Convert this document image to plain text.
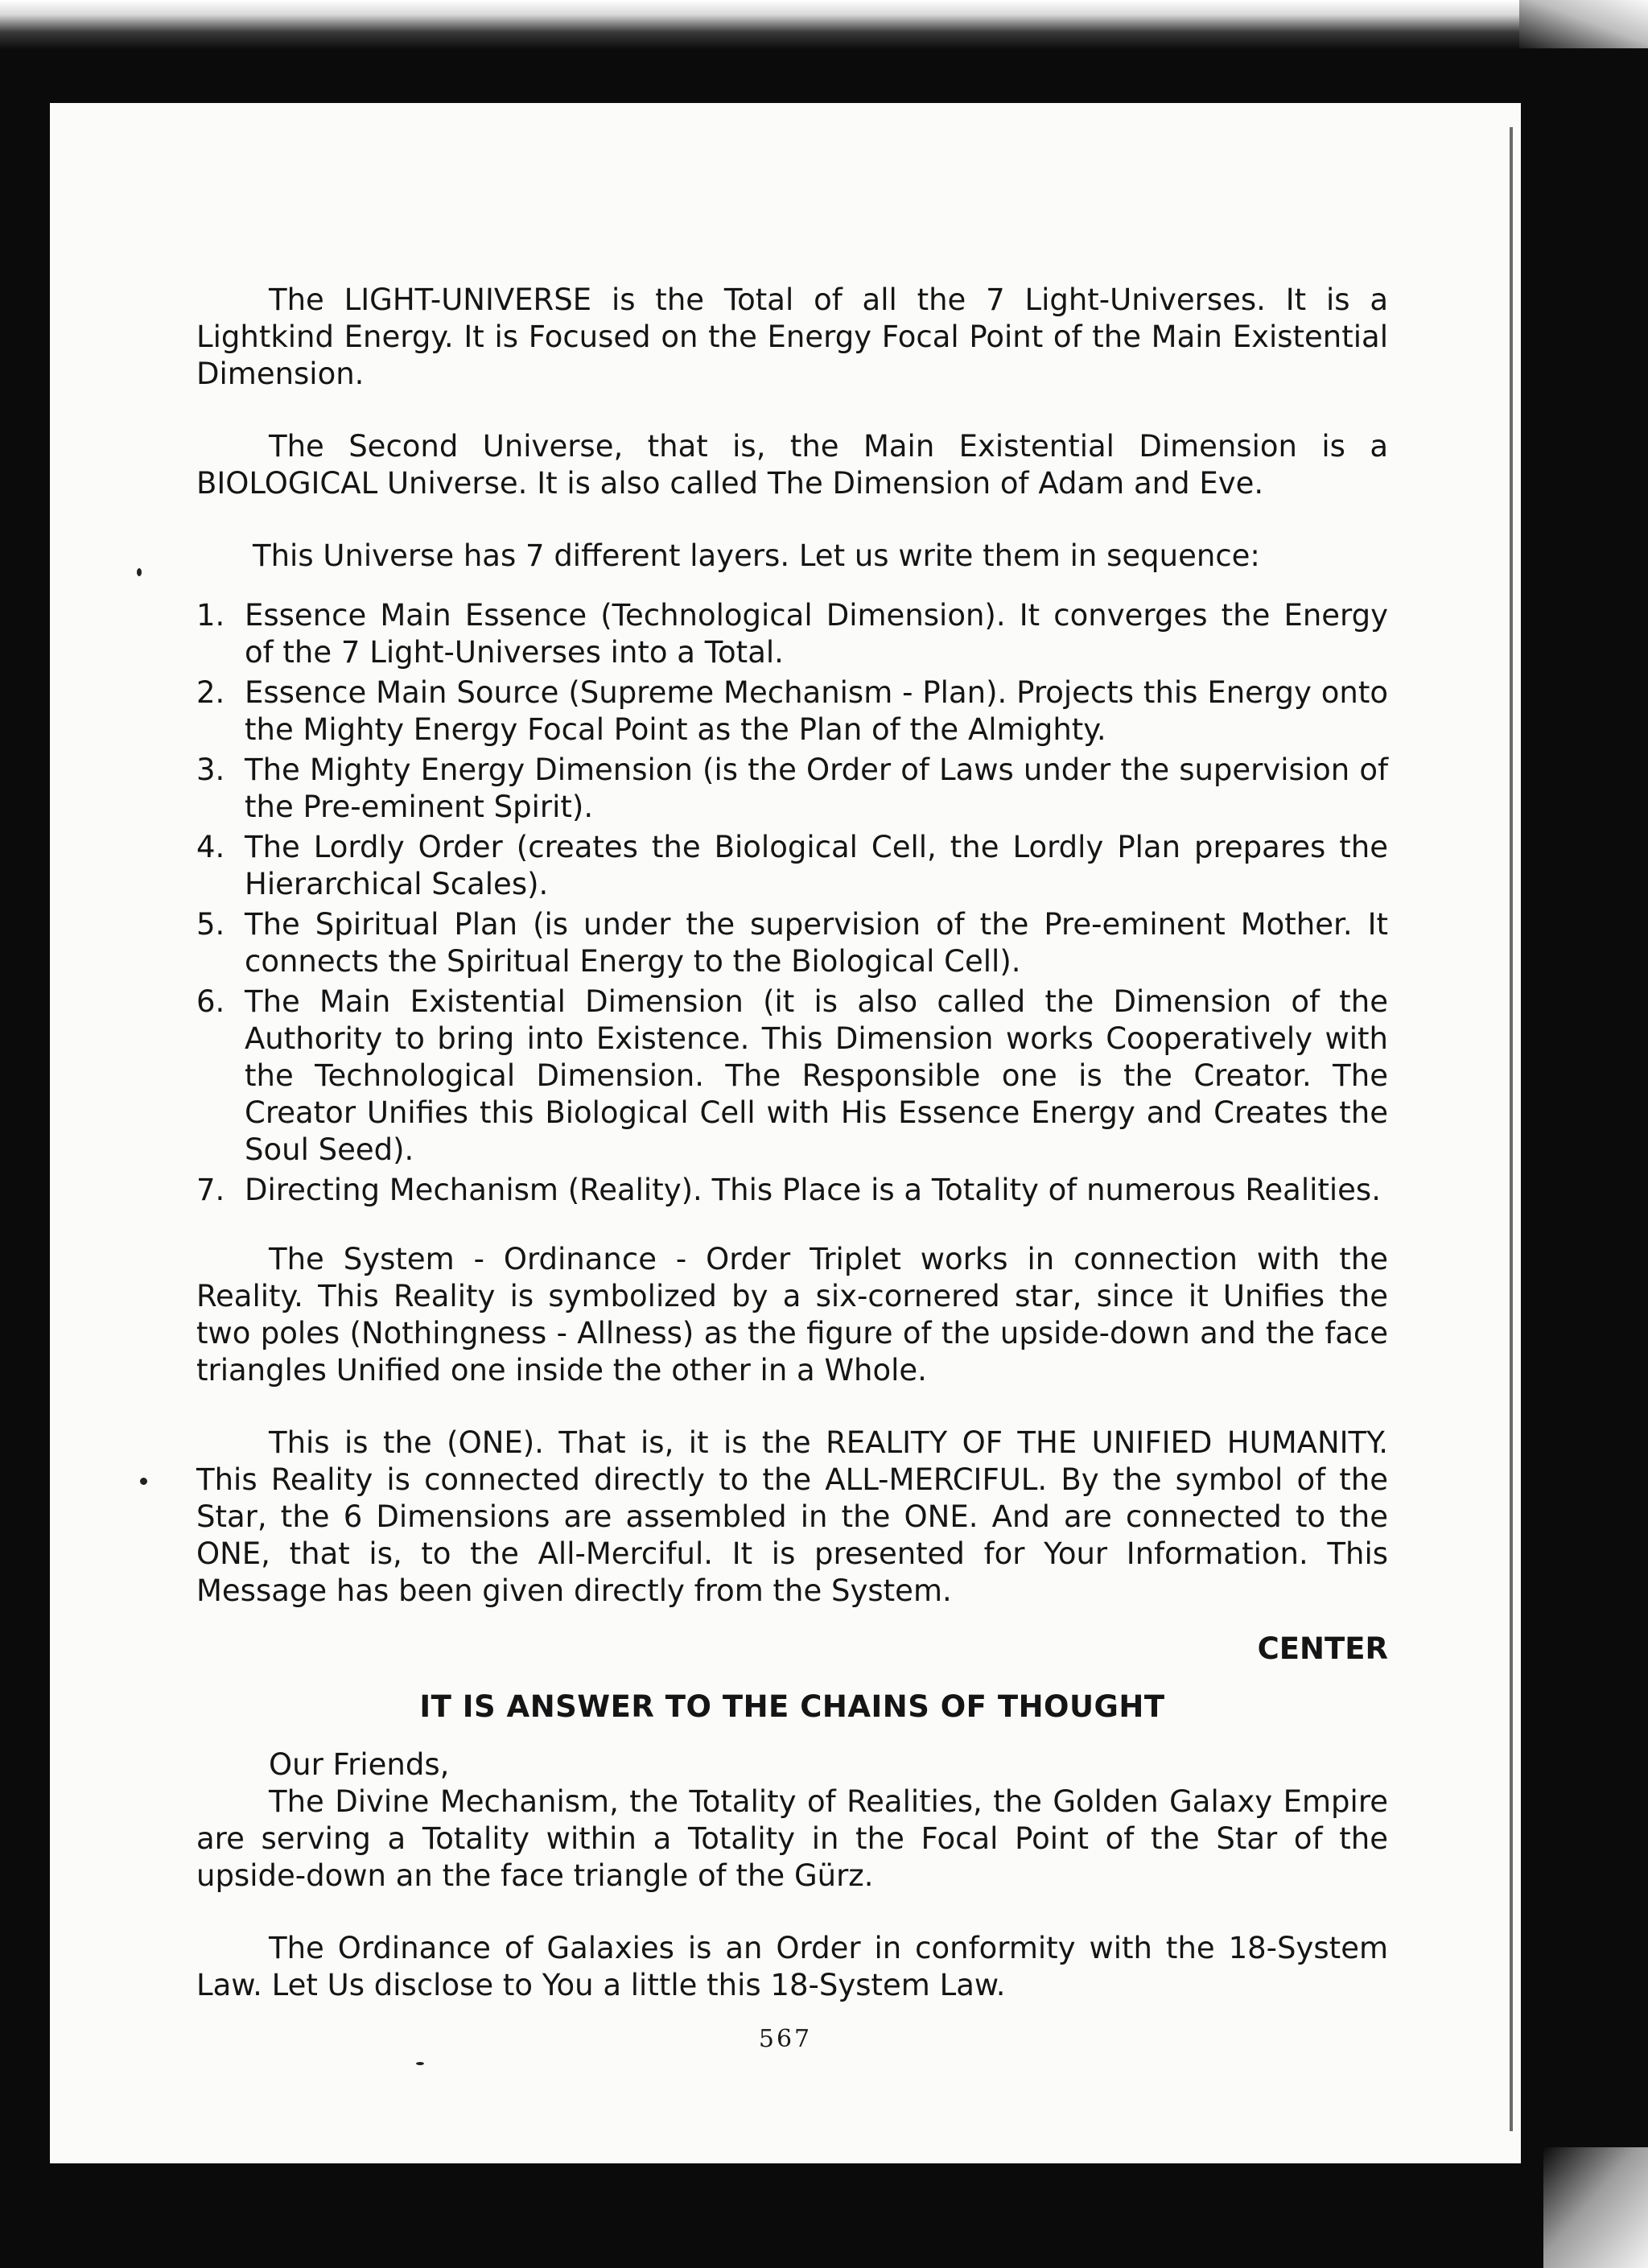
The LIGHT-UNIVERSE is the Total of all the 7 Light-Universes. It is a Lightkind Energy. It is Focused on the Energy Focal Point of the Main Existential Dimension.

The Second Universe, that is, the Main Existential Dimension is a BIOLOGICAL Universe. It is also called The Dimension of Adam and Eve.

This Universe has 7 different layers. Let us write them in sequence:

1. Essence Main Essence (Technological Dimension). It converges the Energy of the 7 Light-Universes into a Total.
2. Essence Main Source (Supreme Mechanism - Plan). Projects this Energy onto the Mighty Energy Focal Point as the Plan of the Almighty.
3. The Mighty Energy Dimension (is the Order of Laws under the supervision of the Pre-eminent Spirit).
4. The Lordly Order (creates the Biological Cell, the Lordly Plan prepares the Hierarchical Scales).
5. The Spiritual Plan (is under the supervision of the Pre-eminent Mother. It connects the Spiritual Energy to the Biological Cell).
6. The Main Existential Dimension (it is also called the Dimension of the Authority to bring into Existence. This Dimension works Cooperatively with the Technological Dimension. The Responsible one is the Creator. The Creator Unifies this Biological Cell with His Essence Energy and Creates the Soul Seed).
7. Directing Mechanism (Reality). This Place is a Totality of numerous Realities.

The System - Ordinance - Order Triplet works in connection with the Reality. This Reality is symbolized by a six-cornered star, since it Unifies the two poles (Nothingness - Allness) as the figure of the upside-down and the face triangles Unified one inside the other in a Whole.

This is the (ONE). That is, it is the REALITY OF THE UNIFIED HUMANITY. This Reality is connected directly to the ALL-MERCIFUL. By the symbol of the Star, the 6 Dimensions are assembled in the ONE. And are connected to the ONE, that is, to the All-Merciful. It is presented for Your Information. This Message has been given directly from the System.

CENTER
IT IS ANSWER TO THE CHAINS OF THOUGHT
Our Friends,

The Divine Mechanism, the Totality of Realities, the Golden Galaxy Empire are serving a Totality within a Totality in the Focal Point of the Star of the upside-down an the face triangle of the Gürz.

The Ordinance of Galaxies is an Order in conformity with the 18-System Law. Let Us disclose to You a little this 18-System Law.

567
